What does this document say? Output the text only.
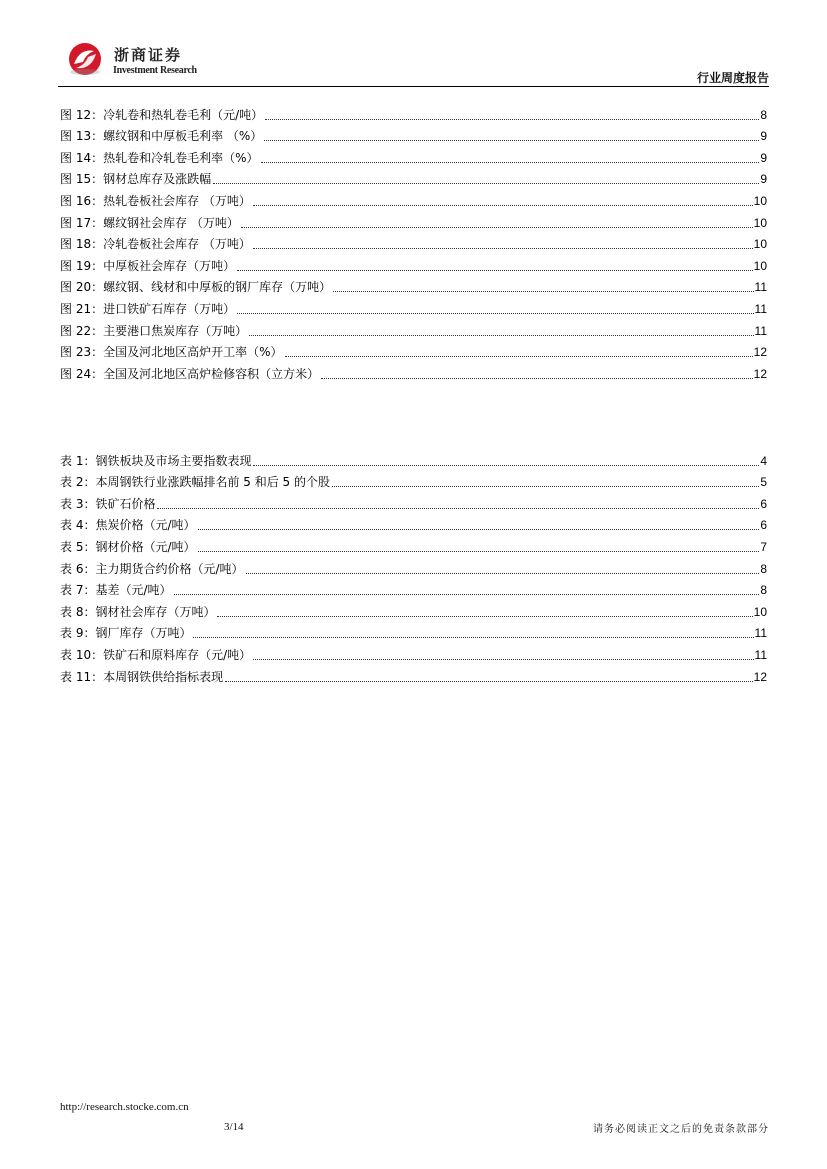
浙商证券
Investment Research
行业周度报告
图 12：冷轧卷和热轧卷毛利（元/吨）	8
图 13：螺纹钢和中厚板毛利率 （%）	9
图 14：热轧卷和冷轧卷毛利率（%）	9
图 15：钢材总库存及涨跌幅	9
图 16：热轧卷板社会库存 （万吨）	10
图 17：螺纹钢社会库存 （万吨）	10
图 18：冷轧卷板社会库存 （万吨）	10
图 19：中厚板社会库存（万吨）	10
图 20：螺纹钢、线材和中厚板的钢厂库存（万吨）	11
图 21：进口铁矿石库存（万吨）	11
图 22：主要港口焦炭库存（万吨）	11
图 23：全国及河北地区高炉开工率（%）	12
图 24：全国及河北地区高炉检修容积（立方米）	12
表 1：钢铁板块及市场主要指数表现	4
表 2：本周钢铁行业涨跌幅排名前 5 和后 5 的个股	5
表 3：铁矿石价格	6
表 4：焦炭价格（元/吨）	6
表 5：钢材价格（元/吨）	7
表 6：主力期货合约价格（元/吨）	8
表 7：基差（元/吨）	8
表 8：钢材社会库存（万吨）	10
表 9：钢厂库存（万吨）	11
表 10：铁矿石和原料库存（元/吨）	11
表 11：本周钢铁供给指标表现	12
http://research.stocke.com.cn
3/14	请务必阅读正文之后的免责条款部分
